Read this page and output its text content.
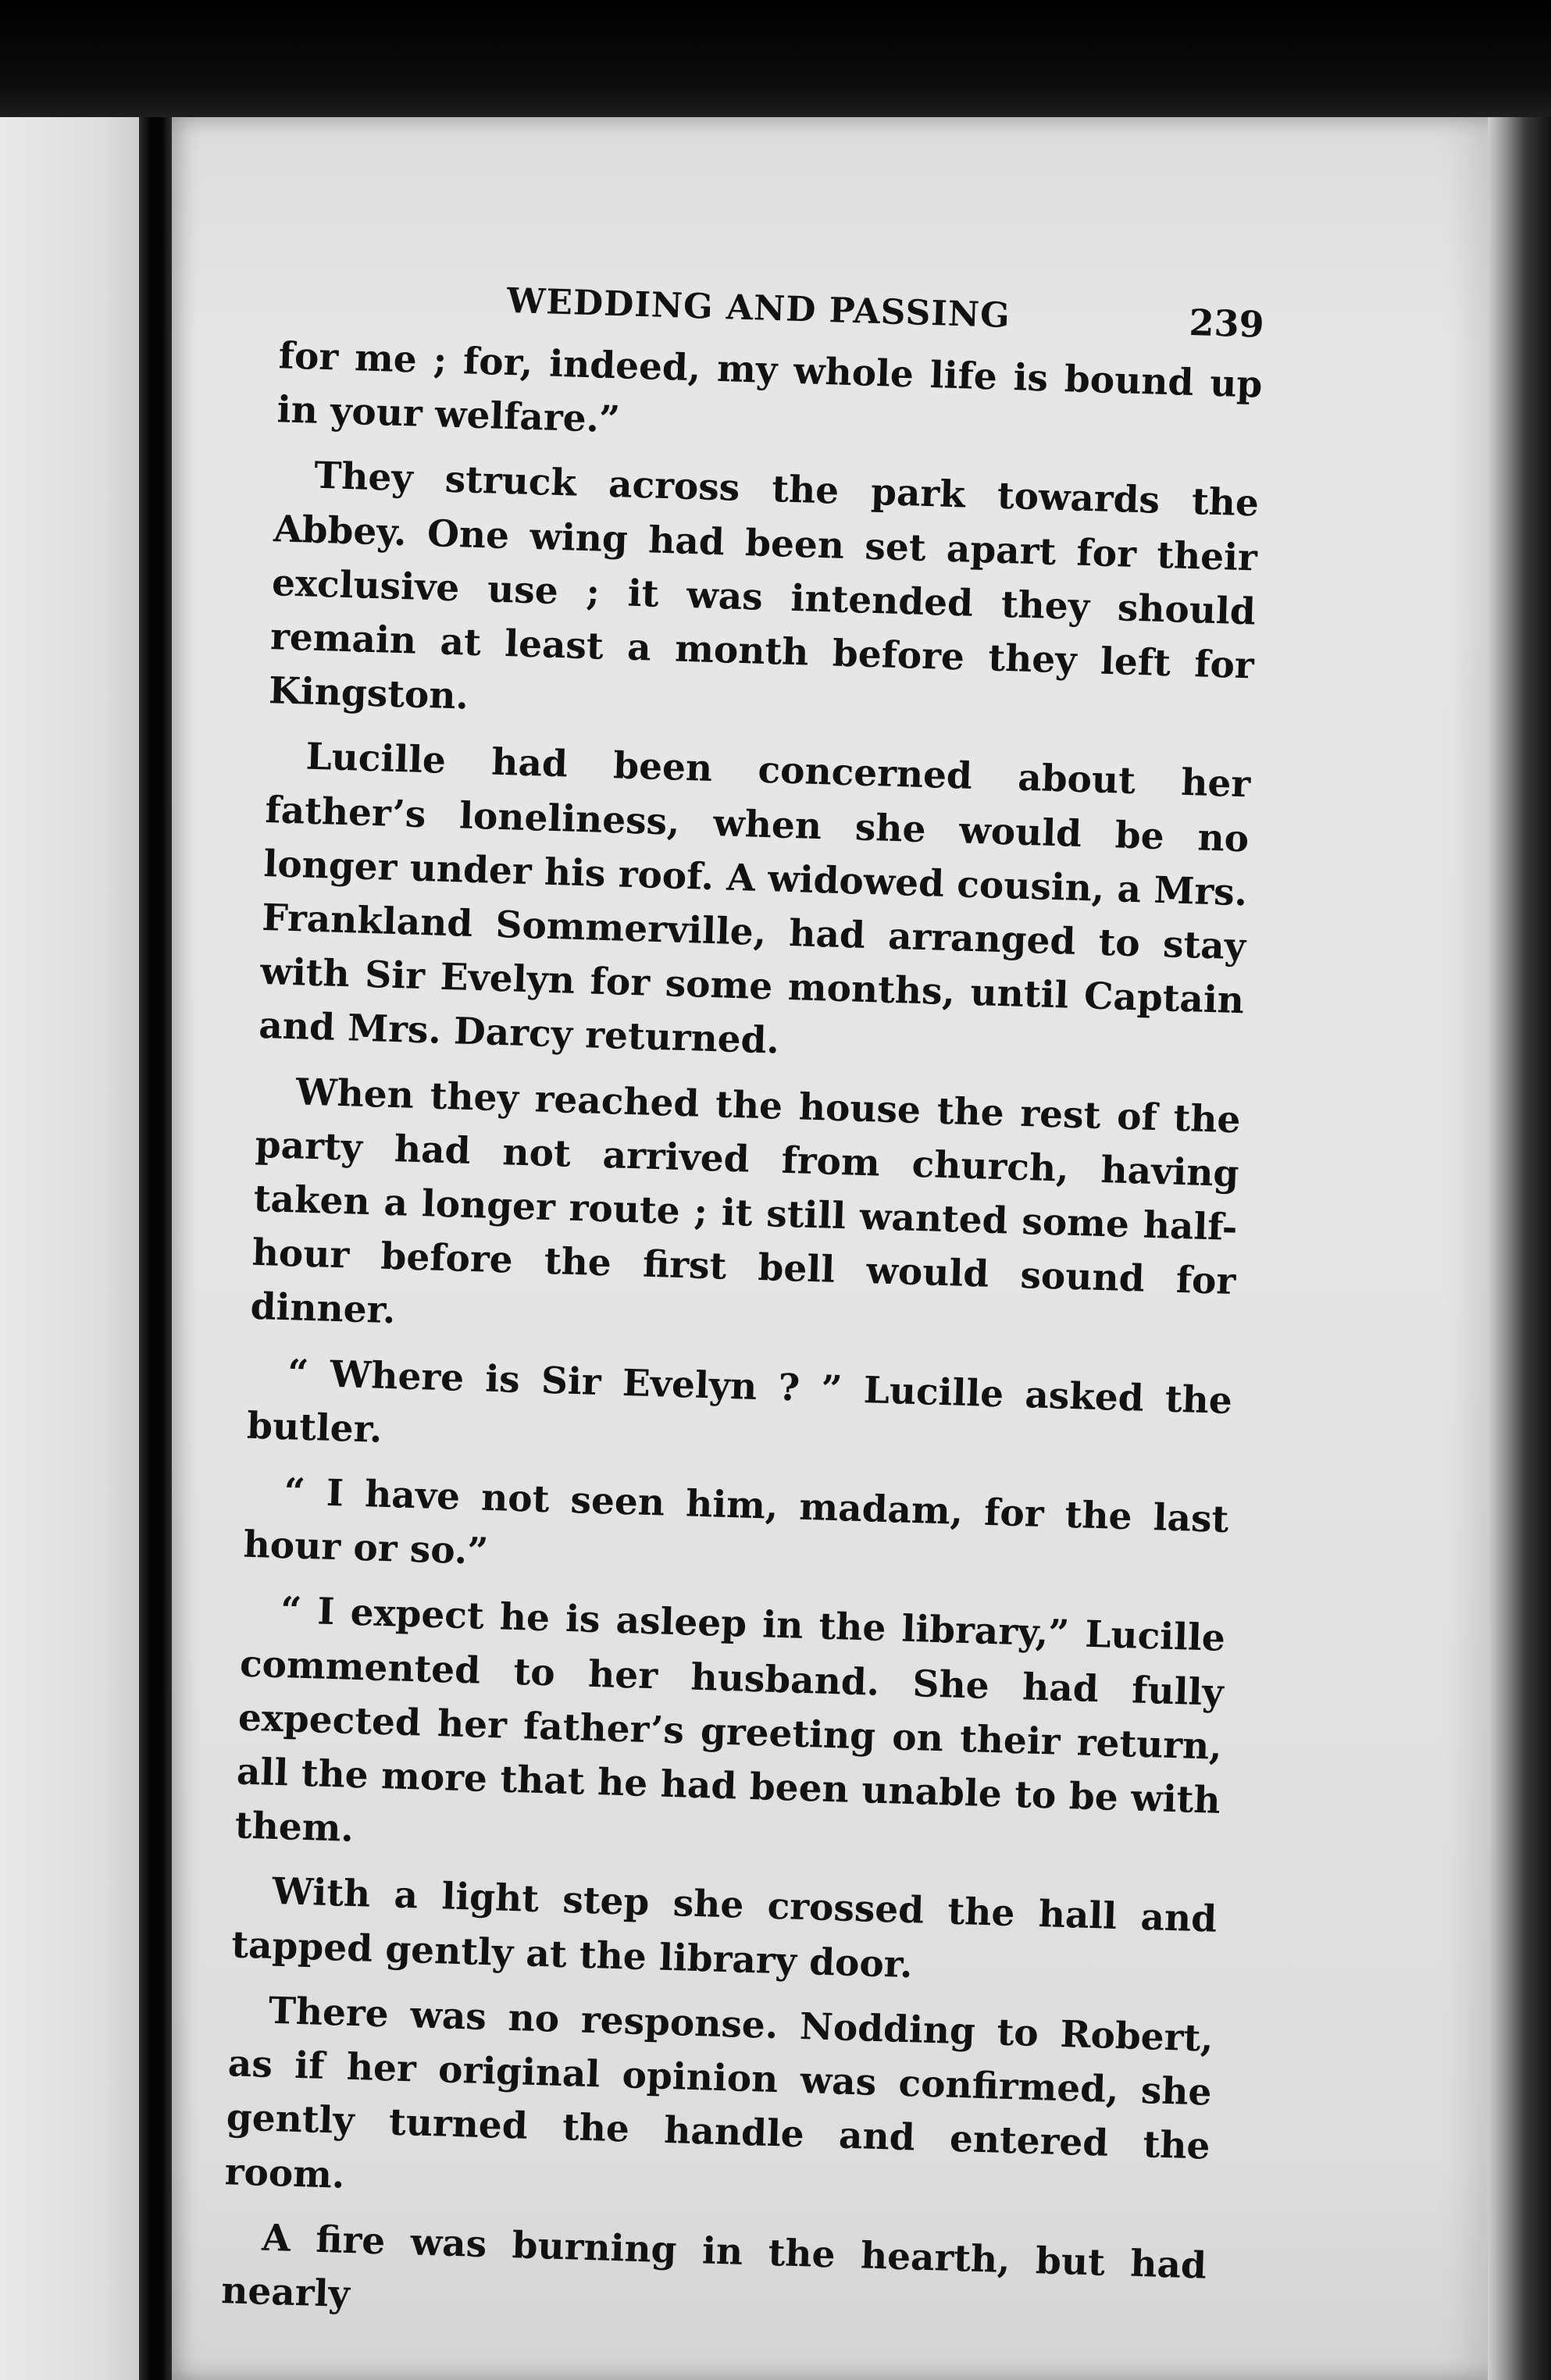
WEDDING AND PASSING	239

for me ; for, indeed, my whole life is bound up in your welfare.”

They struck across the park towards the Abbey. One wing had been set apart for their exclusive use ; it was intended they should remain at least a month before they left for Kingston.

Lucille had been concerned about her father’s loneliness, when she would be no longer under his roof. A widowed cousin, a Mrs. Frankland Sommerville, had arranged to stay with Sir Evelyn for some months, until Captain and Mrs. Darcy returned.

When they reached the house the rest of the party had not arrived from church, having taken a longer route ; it still wanted some half-hour before the first bell would sound for dinner.

“ Where is Sir Evelyn ? ” Lucille asked the butler.

“ I have not seen him, madam, for the last hour or so.”

“ I expect he is asleep in the library,” Lucille commented to her husband. She had fully expected her father’s greeting on their return, all the more that he had been unable to be with them.

With a light step she crossed the hall and tapped gently at the library door.

There was no response. Nodding to Robert, as if her original opinion was confirmed, she gently turned the handle and entered the room.

A fire was burning in the hearth, but had nearly
